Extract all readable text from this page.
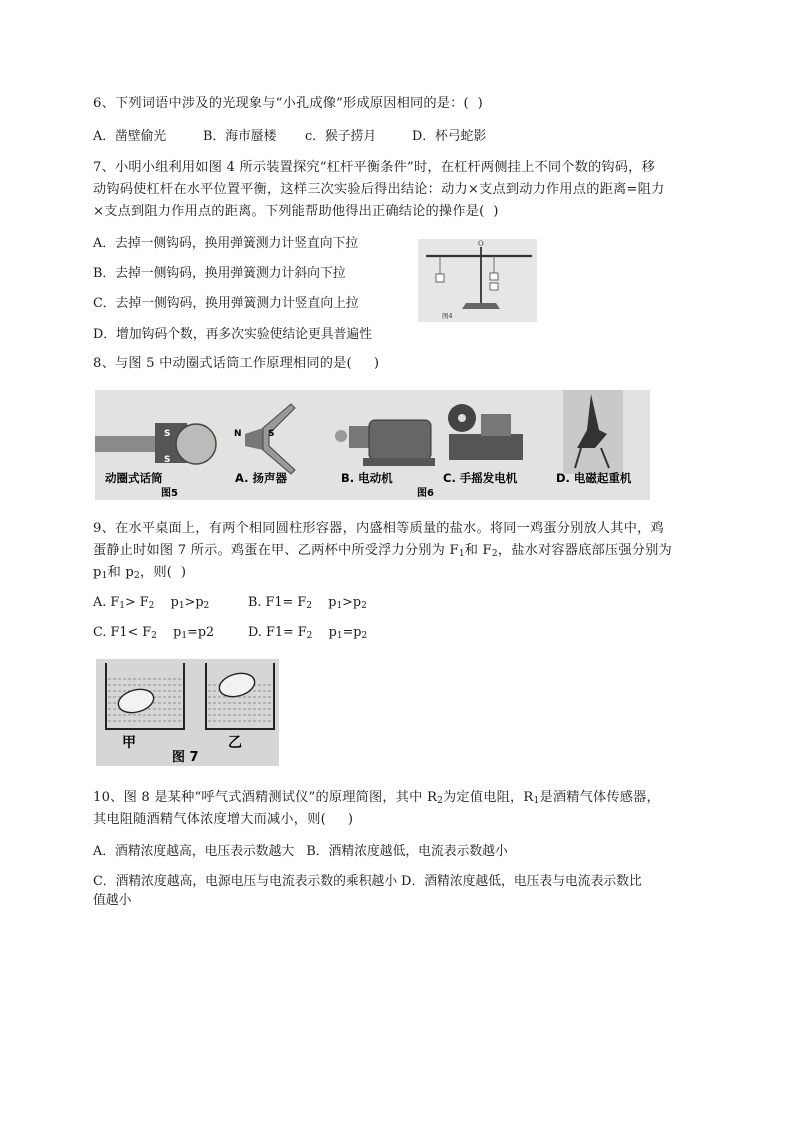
6、下列词语中涉及的光现象与“小孔成像”形成原因相同的是：(  )
A．凿壁偷光	B．海市蜃楼 c．猴子捞月	D．杯弓蛇影
7、小明小组利用如图 4 所示装置探究“杠杆平衡条件”时，在杠杆两侧挂上不同个数的钩码，移
动钩码使杠杆在水平位置平衡，这样三次实验后得出结论：动力×支点到动力作用点的距离=阻力
×支点到阻力作用点的距离。下列能帮助他得出正确结论的操作是(  )
A．去掉一侧钩码，换用弹簧测力计竖直向下拉
B．去掉一侧钩码，换用弹簧测力计斜向下拉
C．去掉一侧钩码，换用弹簧测力计竖直向上拉
D．增加钩码个数，再多次实验使结论更具普遍性
O
图4
8、与图 5 中动圈式话筒工作原理相同的是(     )
S
S
N	S
动圈式话筒	A. 扬声器	B. 电动机	C. 手摇发电机	D. 电磁起重机
图5	图6
9、在水平桌面上，有两个相同圆柱形容器，内盛相等质量的盐水。将同一鸡蛋分别放人其中，鸡
蛋静止时如图 7 所示。鸡蛋在甲、乙两杯中所受浮力分别为 $F_1$和 $F_2$，盐水对容器底部压强分别为
$p_1$和 $p_2$，则(  )
A. $F_1> F_2$    $p_1>p_2$	B. $F1= F_2$    $p_1>p_2$
C. $F1< F_2$    $p_1=p2$	D. $F1= F_2$    $p_1=p_2$
甲	乙
图 7
10、图 8 是某种“呼气式酒精测试仪”的原理简图，其中 $R_2$为定值电阻，$R_1$是酒精气体传感器，
其电阻随酒精气体浓度增大而减小，则(     )
A．酒精浓度越高，电压表示数越大   B．酒精浓度越低，电流表示数越小
C．酒精浓度越高，电源电压与电流表示数的乘积越小 D．酒精浓度越低，电压表与电流表示数比
值越小
